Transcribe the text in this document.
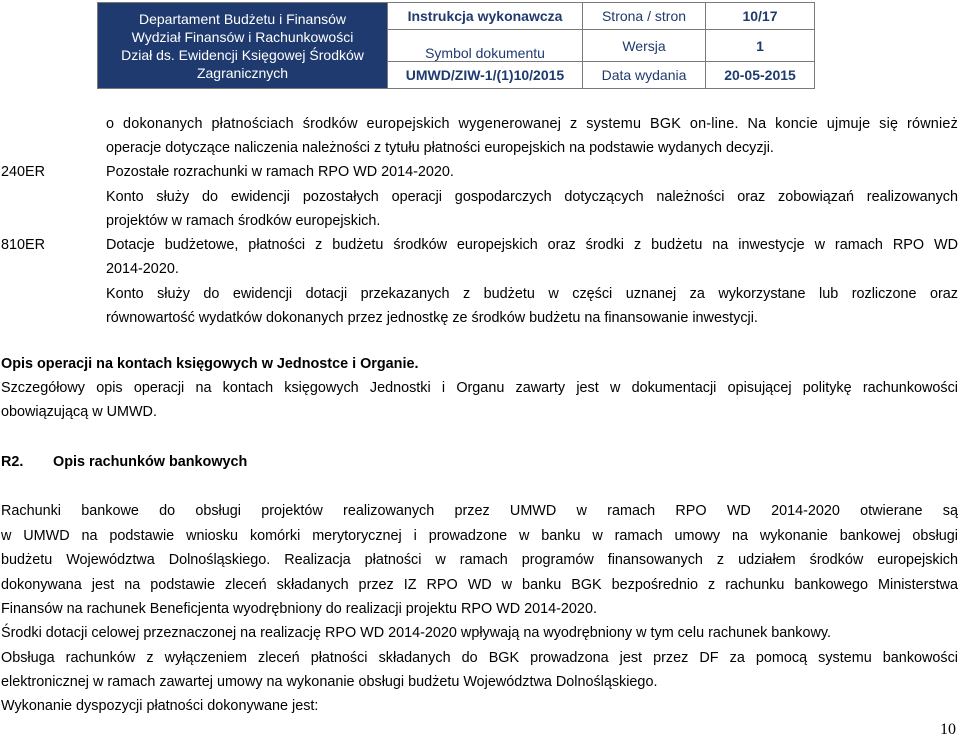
Departament Budżetu i Finansów
Wydział Finansów i Rachunkowości
Dział ds. Ewidencji Księgowej Środków
Zagranicznych	Instrukcja wykonawcza	Strona / stron	10/17
	Symbol dokumentu	Wersja	1
	UMWD/ZIW-1/(1)10/2015	Data wydania	20-05-2015
o dokonanych płatnościach środków europejskich wygenerowanej z systemu BGK on-line. Na koncie ujmuje się również
operacje dotyczące naliczenia należności z tytułu płatności europejskich na podstawie wydanych decyzji.
240ER	Pozostałe rozrachunki w ramach RPO WD 2014-2020.
Konto służy do ewidencji pozostałych operacji gospodarczych dotyczących należności oraz zobowiązań realizowanych
projektów w ramach środków europejskich.
810ER	Dotacje budżetowe, płatności z budżetu środków europejskich oraz środki z budżetu na inwestycje w ramach RPO WD
2014-2020.
Konto służy do ewidencji dotacji przekazanych z budżetu w części uznanej za wykorzystane lub rozliczone oraz
równowartość wydatków dokonanych przez jednostkę ze środków budżetu na finansowanie inwestycji.
Opis operacji na kontach księgowych w Jednostce i Organie.
Szczegółowy opis operacji na kontach księgowych Jednostki i Organu zawarty jest w dokumentacji opisującej politykę rachunkowości
obowiązującą w UMWD.
R2. Opis rachunków bankowych
Rachunki bankowe do obsługi projektów realizowanych przez UMWD w ramach RPO WD 2014-2020 otwierane są
w UMWD na podstawie wniosku komórki merytorycznej i prowadzone w banku w ramach umowy na wykonanie bankowej obsługi
budżetu Województwa Dolnośląskiego. Realizacja płatności w ramach programów finansowanych z udziałem środków europejskich
dokonywana jest na podstawie zleceń składanych przez IZ RPO WD w banku BGK bezpośrednio z rachunku bankowego Ministerstwa
Finansów na rachunek Beneficjenta wyodrębniony do realizacji projektu RPO WD 2014-2020.
Środki dotacji celowej przeznaczonej na realizację RPO WD 2014-2020 wpływają na wyodrębniony w tym celu rachunek bankowy.
Obsługa rachunków z wyłączeniem zleceń płatności składanych do BGK prowadzona jest przez DF za pomocą systemu bankowości
elektronicznej w ramach zawartej umowy na wykonanie obsługi budżetu Województwa Dolnośląskiego.
Wykonanie dyspozycji płatności dokonywane jest:
10
